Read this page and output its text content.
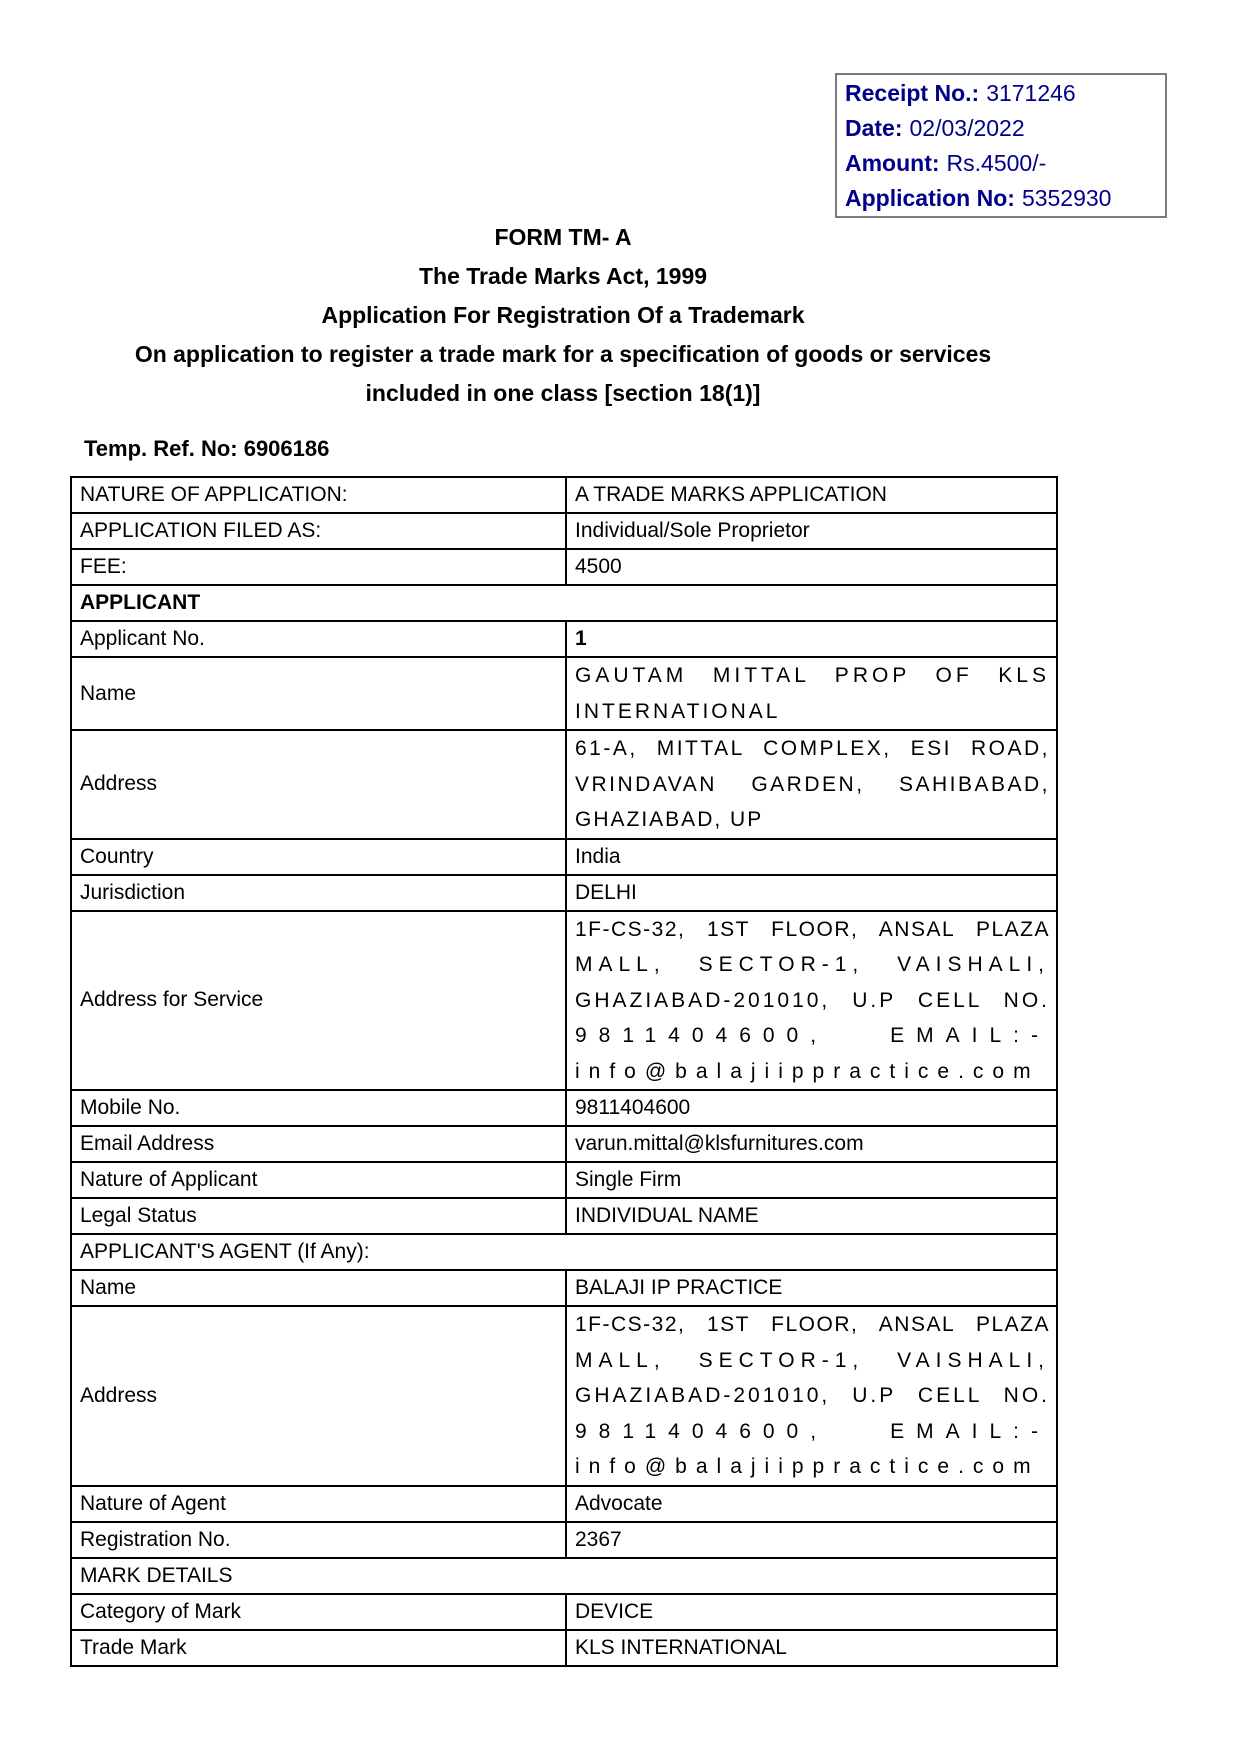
Receipt No.: 3171246
Date: 02/03/2022
Amount: Rs.4500/-
Application No: 5352930
FORM TM- A
The Trade Marks Act, 1999
Application For Registration Of a Trademark
On application to register a trade mark for a specification of goods or services
included in one class [section 18(1)]
Temp. Ref. No: 6906186
NATURE OF APPLICATION:	A TRADE MARKS APPLICATION
APPLICATION FILED AS:	Individual/Sole Proprietor
FEE:	4500
APPLICANT	
Applicant No.	1
Name	GAUTAM MITTAL PROP OF KLS
INTERNATIONAL

Address	61-A, MITTAL COMPLEX, ESI ROAD,
VRINDAVAN GARDEN, SAHIBABAD,
GHAZIABAD, UP

Country	India
Jurisdiction	DELHI
Address for Service	1F-CS-32, 1ST FLOOR, ANSAL PLAZA
MALL, SECTOR-1, VAISHALI,
GHAZIABAD-201010, U.P CELL NO.
9811404600, EMAIL:-
info@balajiippractice.com

Mobile No.	9811404600
Email Address	varun.mittal@klsfurnitures.com
Nature of Applicant	Single Firm
Legal Status	INDIVIDUAL NAME
APPLICANT'S AGENT (If Any):	
Name	BALAJI IP PRACTICE
Address	1F-CS-32, 1ST FLOOR, ANSAL PLAZA
MALL, SECTOR-1, VAISHALI,
GHAZIABAD-201010, U.P CELL NO.
9811404600, EMAIL:-
info@balajiippractice.com

Nature of Agent	Advocate
Registration No.	2367
MARK DETAILS	
Category of Mark	DEVICE
Trade Mark	KLS INTERNATIONAL
